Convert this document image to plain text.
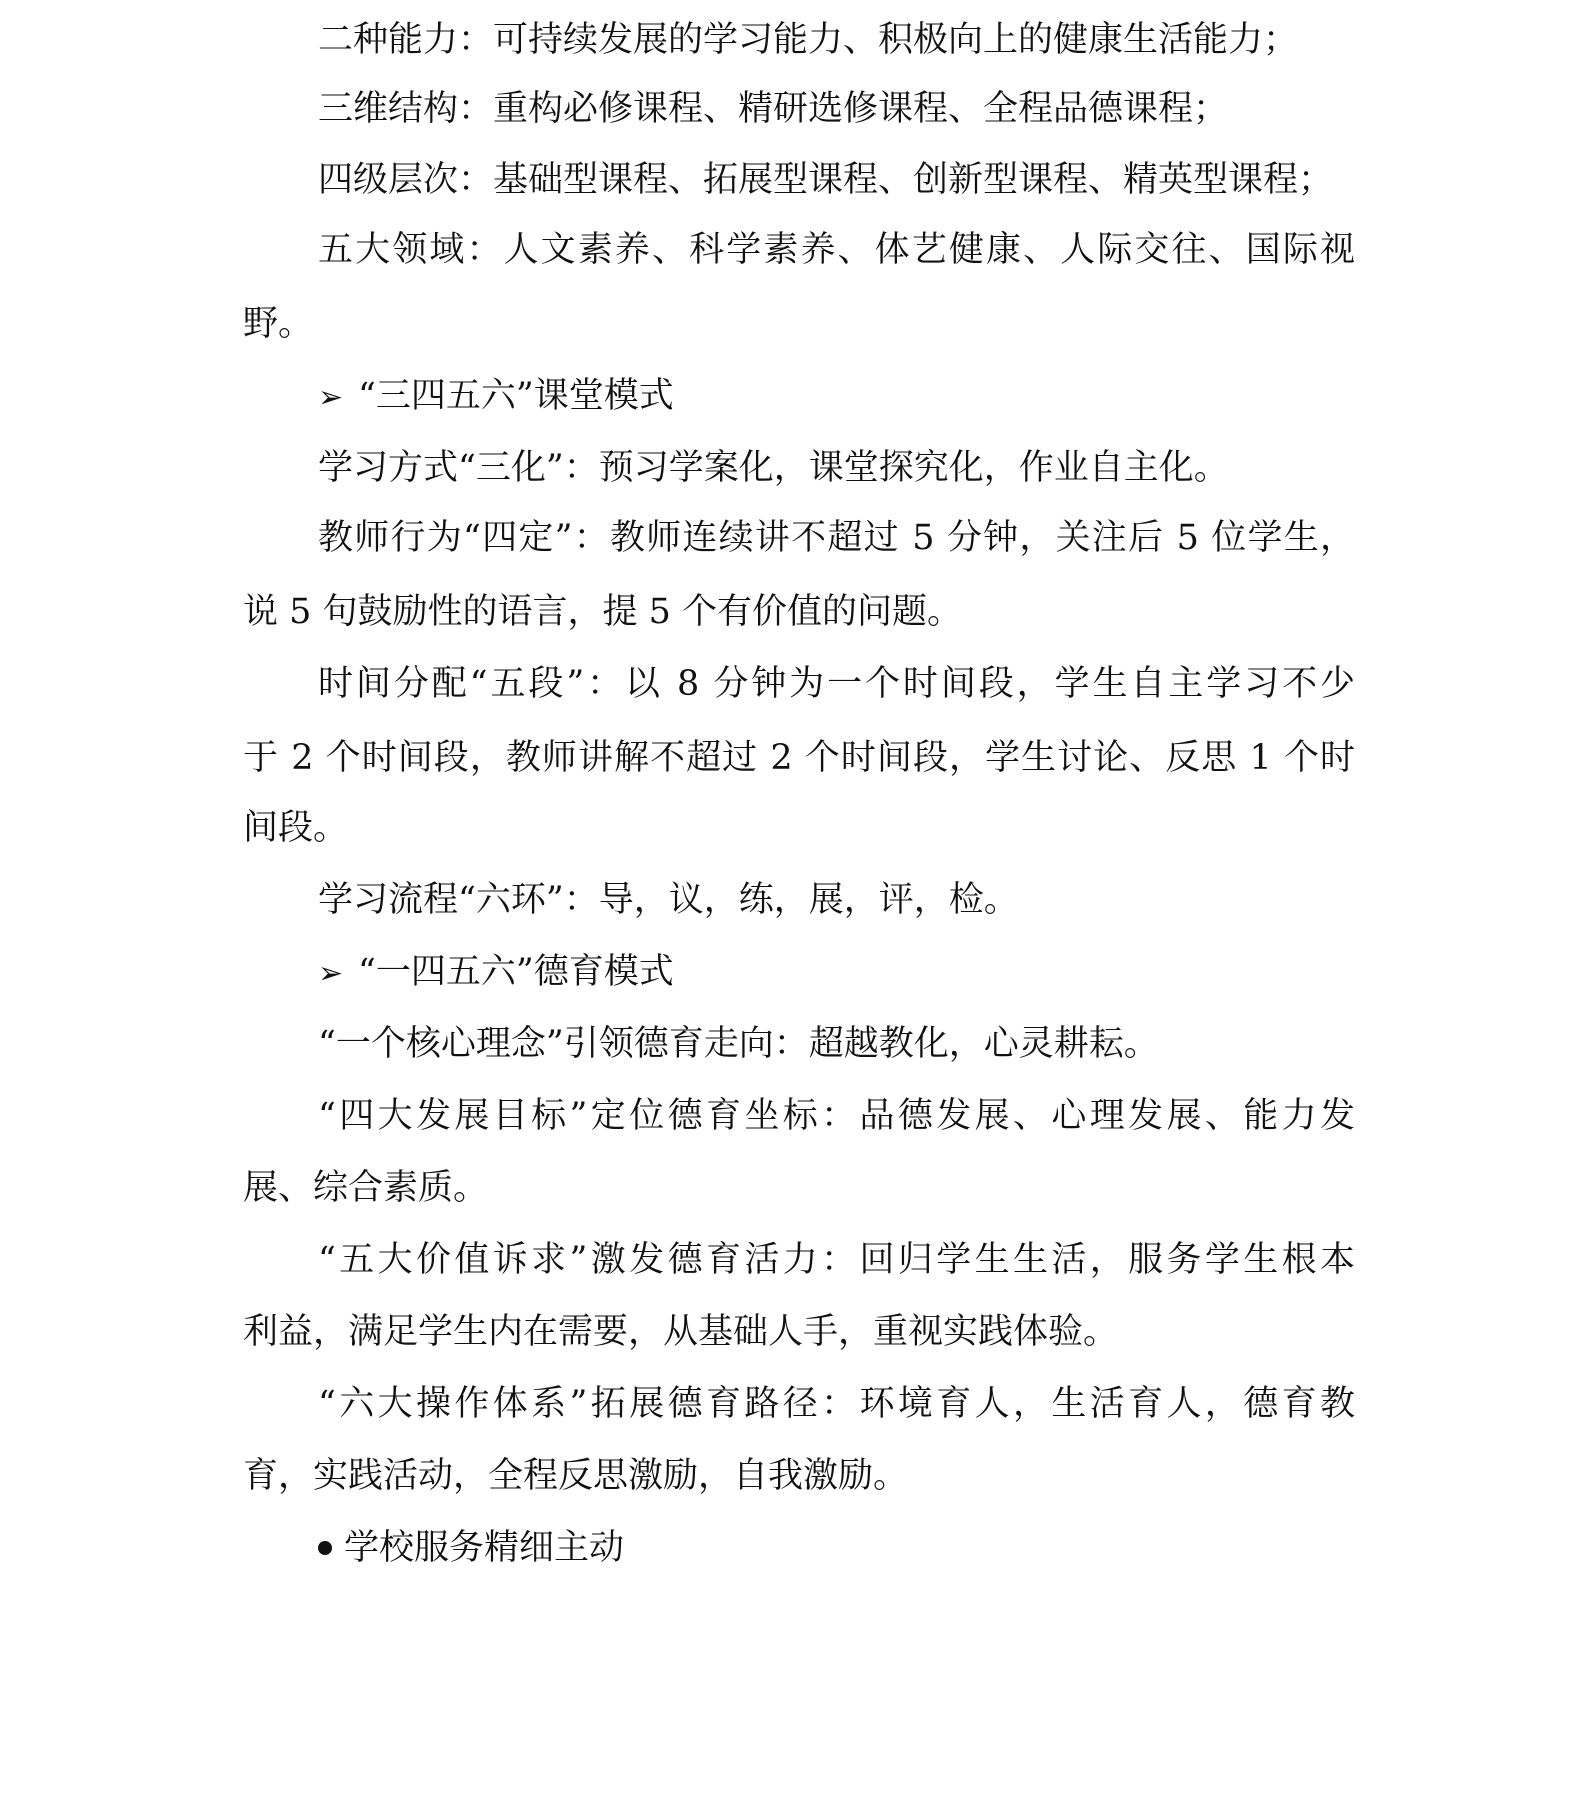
二种能力：可持续发展的学习能力、积极向上的健康生活能力；
三维结构：重构必修课程、精研选修课程、全程品德课程；
四级层次：基础型课程、拓展型课程、创新型课程、精英型课程；
五大领域：人文素养、科学素养、体艺健康、人际交往、国际视
野。
➢ “三四五六”课堂模式
学习方式“三化”：预习学案化，课堂探究化，作业自主化。
教师行为“四定”：教师连续讲不超过 5 分钟，关注后 5 位学生，
说 5 句鼓励性的语言，提 5 个有价值的问题。
时间分配“五段”：以 8 分钟为一个时间段，学生自主学习不少
于 2 个时间段，教师讲解不超过 2 个时间段，学生讨论、反思 1 个时
间段。
学习流程“六环”：导，议，练，展，评，检。
➢ “一四五六”德育模式
“一个核心理念”引领德育走向：超越教化，心灵耕耘。
“四大发展目标”定位德育坐标：品德发展、心理发展、能力发
展、综合素质。
“五大价值诉求”激发德育活力：回归学生生活，服务学生根本
利益，满足学生内在需要，从基础人手，重视实践体验。
“六大操作体系”拓展德育路径：环境育人，生活育人，德育教
育，实践活动，全程反思激励，自我激励。
学校服务精细主动
